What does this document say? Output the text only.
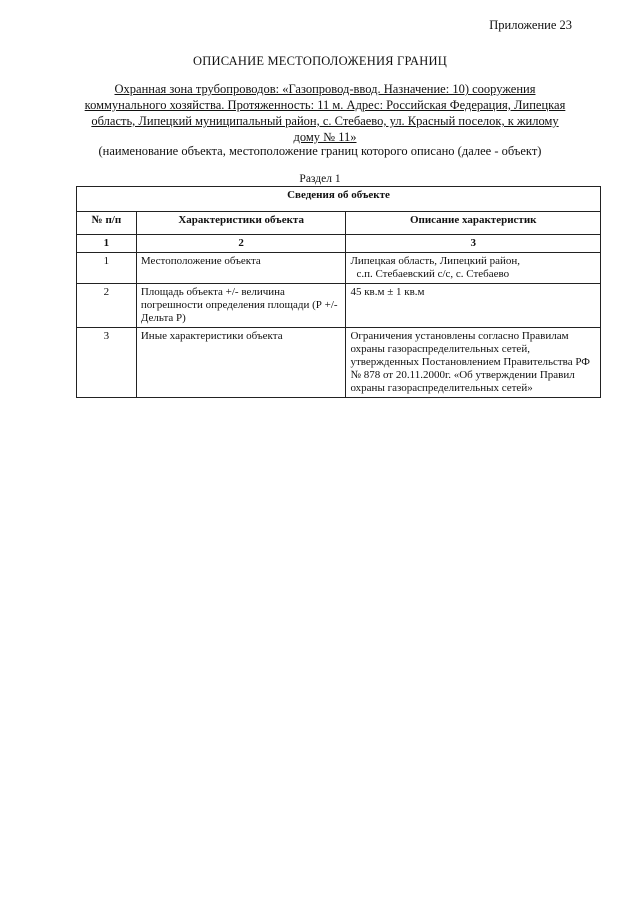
Приложение 23
ОПИСАНИЕ МЕСТОПОЛОЖЕНИЯ ГРАНИЦ
Охранная зона трубопроводов: «Газопровод-ввод. Назначение: 10) сооружения коммунального хозяйства. Протяженность: 11 м. Адрес: Российская Федерация, Липецкая область, Липецкий муниципальный район, с. Стебаево, ул. Красный поселок, к жилому дому № 11»
(наименование объекта, местоположение границ которого описано (далее - объект)
Раздел 1
Сведения об объекте		
№ п/п	Характеристики объекта	Описание характеристик
1	2	3
1	Местоположение объекта	Липецкая область, Липецкий район,
с.п. Стебаевский с/с, с. Стебаево

2	Площадь объекта +/- величина погрешности определения площади (Р +/- Дельта Р)	45 кв.м ± 1 кв.м

3	Иные характеристики объекта	Ограничения установлены согласно Правилам охраны газораспределительных сетей, утвержденных Постановлением Правительства РФ № 878 от 20.11.2000г. «Об утверждении Правил охраны газораспределительных сетей»
